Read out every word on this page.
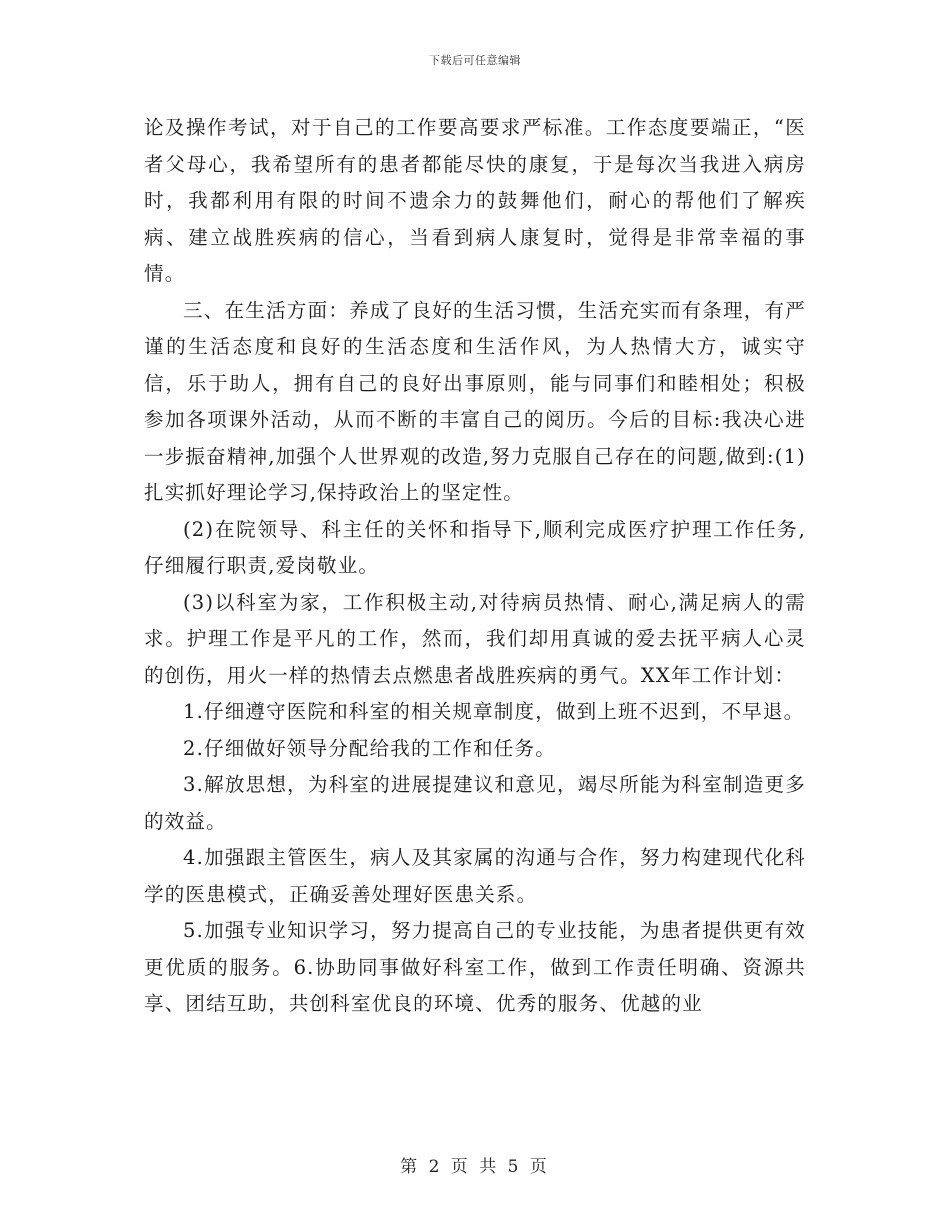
下载后可任意编辑

论及操作考试，对于自己的工作要高要求严标准。工作态度要端正，“医者父母心，我希望所有的患者都能尽快的康复，于是每次当我进入病房时，我都利用有限的时间不遗余力的鼓舞他们，耐心的帮他们了解疾病、建立战胜疾病的信心，当看到病人康复时，觉得是非常幸福的事情。

三、在生活方面：养成了良好的生活习惯，生活充实而有条理，有严谨的生活态度和良好的生活态度和生活作风，为人热情大方，诚实守信，乐于助人，拥有自己的良好出事原则，能与同事们和睦相处；积极参加各项课外活动，从而不断的丰富自己的阅历。今后的目标:我决心进一步振奋精神,加强个人世界观的改造,努力克服自己存在的问题,做到:(1)扎实抓好理论学习,保持政治上的坚定性。

(2)在院领导、科主任的关怀和指导下,顺利完成医疗护理工作任务,仔细履行职责,爱岗敬业。

(3)以科室为家，工作积极主动,对待病员热情、耐心,满足病人的需求。护理工作是平凡的工作，然而，我们却用真诚的爱去抚平病人心灵的创伤，用火一样的热情去点燃患者战胜疾病的勇气。XX年工作计划：

1.仔细遵守医院和科室的相关规章制度，做到上班不迟到，不早退。

2.仔细做好领导分配给我的工作和任务。

3.解放思想，为科室的进展提建议和意见，竭尽所能为科室制造更多的效益。

4.加强跟主管医生，病人及其家属的沟通与合作，努力构建现代化科学的医患模式，正确妥善处理好医患关系。

5.加强专业知识学习，努力提高自己的专业技能，为患者提供更有效更优质的服务。6.协助同事做好科室工作，做到工作责任明确、资源共享、团结互助，共创科室优良的环境、优秀的服务、优越的业

第 2 页 共 5 页
